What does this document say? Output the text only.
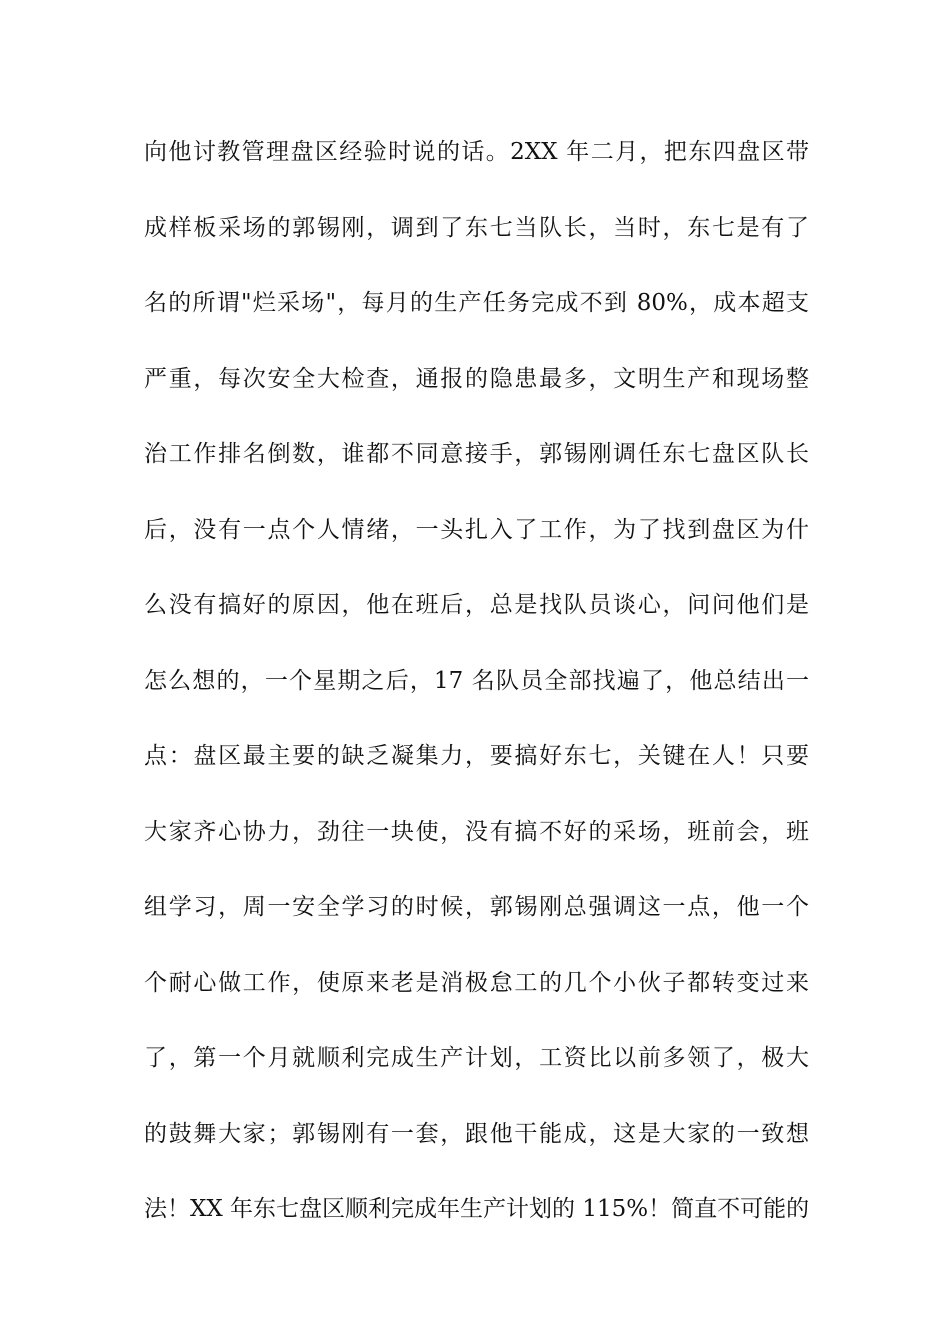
向他讨教管理盘区经验时说的话。2XX 年二月，把东四盘区带
成样板采场的郭锡刚，调到了东七当队长，当时，东七是有了
名的所谓"烂采场"，每月的生产任务完成不到 80%，成本超支
严重，每次安全大检查，通报的隐患最多，文明生产和现场整
治工作排名倒数，谁都不同意接手，郭锡刚调任东七盘区队长
后，没有一点个人情绪，一头扎入了工作，为了找到盘区为什
么没有搞好的原因，他在班后，总是找队员谈心，问问他们是
怎么想的，一个星期之后，17 名队员全部找遍了，他总结出一
点：盘区最主要的缺乏凝集力，要搞好东七，关键在人！只要
大家齐心协力，劲往一块使，没有搞不好的采场，班前会，班
组学习，周一安全学习的时候，郭锡刚总强调这一点，他一个
个耐心做工作，使原来老是消极怠工的几个小伙子都转变过来
了，第一个月就顺利完成生产计划，工资比以前多领了，极大
的鼓舞大家；郭锡刚有一套，跟他干能成，这是大家的一致想
法！XX 年东七盘区顺利完成年生产计划的 115%！简直不可能的
